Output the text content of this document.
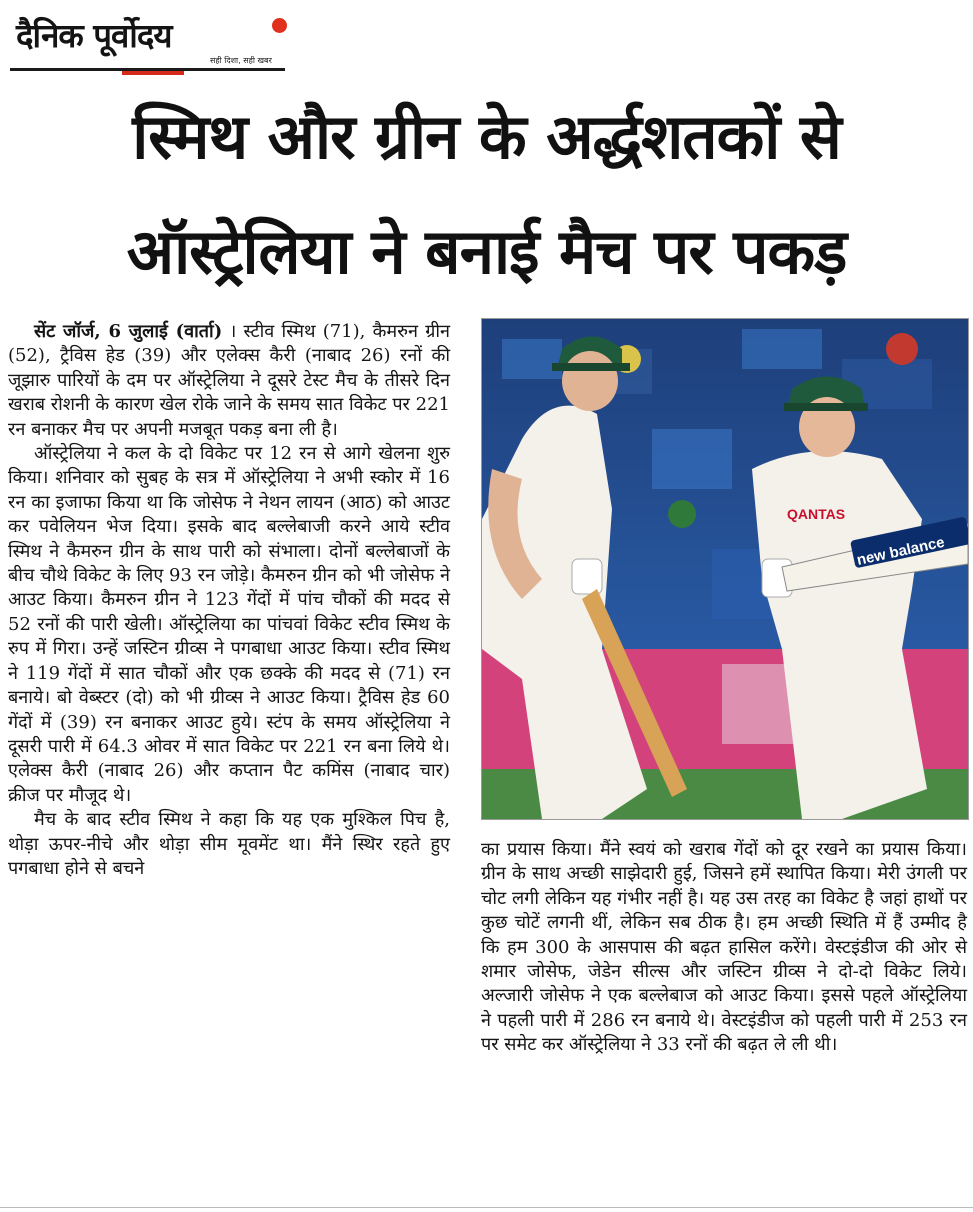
दैनिक पूर्वोदय
सही दिशा, सही खबर
स्मिथ और ग्रीन के अर्द्धशतकों से
ऑस्ट्रेलिया ने बनाई मैच पर पकड़

सेंट जॉर्ज, 6 जुलाई (वार्ता) । स्टीव स्मिथ (71), कैमरुन ग्रीन (52), ट्रैविस हेड (39) और एलेक्स कैरी (नाबाद 26) रनों की जूझारु पारियों के दम पर ऑस्ट्रेलिया ने दूसरे टेस्ट मैच के तीसरे दिन खराब रोशनी के कारण खेल रोके जाने के समय सात विकेट पर 221 रन बनाकर मैच पर अपनी मजबूत पकड़ बना ली है।

ऑस्ट्रेलिया ने कल के दो विकेट पर 12 रन से आगे खेलना शुरु किया। शनिवार को सुबह के सत्र में ऑस्ट्रेलिया ने अभी स्कोर में 16 रन का इजाफा किया था कि जोसेफ ने नेथन लायन (आठ) को आउट कर पवेलियन भेज दिया। इसके बाद बल्लेबाजी करने आये स्टीव स्मिथ ने कैमरुन ग्रीन के साथ पारी को संभाला। दोनों बल्लेबाजों के बीच चौथे विकेट के लिए 93 रन जोड़े। कैमरुन ग्रीन को भी जोसेफ ने आउट किया। कैमरुन ग्रीन ने 123 गेंदों में पांच चौकों की मदद से 52 रनों की पारी खेली। ऑस्ट्रेलिया का पांचवां विकेट स्टीव स्मिथ के रुप में गिरा। उन्हें जस्टिन ग्रीव्स ने पगबाधा आउट किया। स्टीव स्मिथ ने 119 गेंदों में सात चौकों और एक छक्के की मदद से (71) रन बनाये। बो वेब्स्टर (दो) को भी ग्रीव्स ने आउट किया। ट्रैविस हेड 60 गेंदों में (39) रन बनाकर आउट हुये। स्टंप के समय ऑस्ट्रेलिया ने दूसरी पारी में 64.3 ओवर में सात विकेट पर 221 रन बना लिये थे। एलेक्स कैरी (नाबाद 26) और कप्तान पैट कमिंस (नाबाद चार) क्रीज पर मौजूद थे।

मैच के बाद स्टीव स्मिथ ने कहा कि यह एक मुश्किल पिच है, थोड़ा ऊपर-नीचे और थोड़ा सीम मूवमेंट था। मैंने स्थिर रहते हुए पगबाधा होने से बचने

new balance
QANTAS

का प्रयास किया। मैंने स्वयं को खराब गेंदों को दूर रखने का प्रयास किया। ग्रीन के साथ अच्छी साझेदारी हुई, जिसने हमें स्थापित किया। मेरी उंगली पर चोट लगी लेकिन यह गंभीर नहीं है। यह उस तरह का विकेट है जहां हाथों पर कुछ चोटें लगनी थीं, लेकिन सब ठीक है। हम अच्छी स्थिति में हैं उम्मीद है कि हम 300 के आसपास की बढ़त हासिल करेंगे। वेस्टइंडीज की ओर से शमार जोसेफ, जेडेन सील्स और जस्टिन ग्रीव्स ने दो-दो विकेट लिये। अल्जारी जोसेफ ने एक बल्लेबाज को आउट किया। इससे पहले ऑस्ट्रेलिया ने पहली पारी में 286 रन बनाये थे। वेस्टइंडीज को पहली पारी में 253 रन पर समेट कर ऑस्ट्रेलिया ने 33 रनों की बढ़त ले ली थी।
